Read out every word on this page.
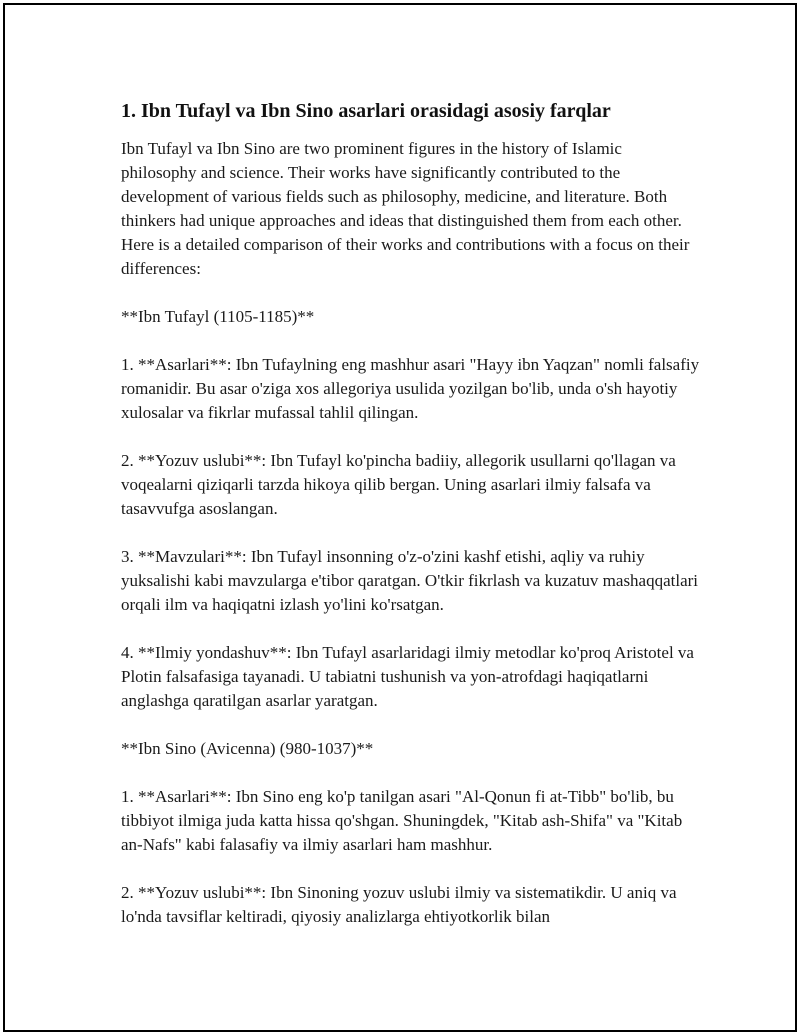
1. Ibn Tufayl va Ibn Sino asarlari orasidagi asosiy farqlar

Ibn Tufayl va Ibn Sino are two prominent figures in the history of Islamic philosophy and science. Their works have significantly contributed to the development of various fields such as philosophy, medicine, and literature. Both thinkers had unique approaches and ideas that distinguished them from each other. Here is a detailed comparison of their works and contributions with a focus on their differences:

**Ibn Tufayl (1105-1185)**

1. **Asarlari**: Ibn Tufaylning eng mashhur asari "Hayy ibn Yaqzan" nomli falsafiy romanidir. Bu asar o'ziga xos allegoriya usulida yozilgan bo'lib, unda o'sh hayotiy xulosalar va fikrlar mufassal tahlil qilingan.

2. **Yozuv uslubi**: Ibn Tufayl ko'pincha badiiy, allegorik usullarni qo'llagan va voqealarni qiziqarli tarzda hikoya qilib bergan. Uning asarlari ilmiy falsafa va tasavvufga asoslangan.

3. **Mavzulari**: Ibn Tufayl insonning o'z-o'zini kashf etishi, aqliy va ruhiy yuksalishi kabi mavzularga e'tibor qaratgan. O'tkir fikrlash va kuzatuv mashaqqatlari orqali ilm va haqiqatni izlash yo'lini ko'rsatgan.

4. **Ilmiy yondashuv**: Ibn Tufayl asarlaridagi ilmiy metodlar ko'proq Aristotel va Plotin falsafasiga tayanadi. U tabiatni tushunish va yon-atrofdagi haqiqatlarni anglashga qaratilgan asarlar yaratgan.

**Ibn Sino (Avicenna) (980-1037)**

1. **Asarlari**: Ibn Sino eng ko'p tanilgan asari "Al-Qonun fi at-Tibb" bo'lib, bu tibbiyot ilmiga juda katta hissa qo'shgan. Shuningdek, "Kitab ash-Shifa" va "Kitab an-Nafs" kabi falasafiy va ilmiy asarlari ham mashhur.

2. **Yozuv uslubi**: Ibn Sinoning yozuv uslubi ilmiy va sistematikdir. U aniq va lo'nda tavsiflar keltiradi, qiyosiy analizlarga ehtiyotkorlik bilan
